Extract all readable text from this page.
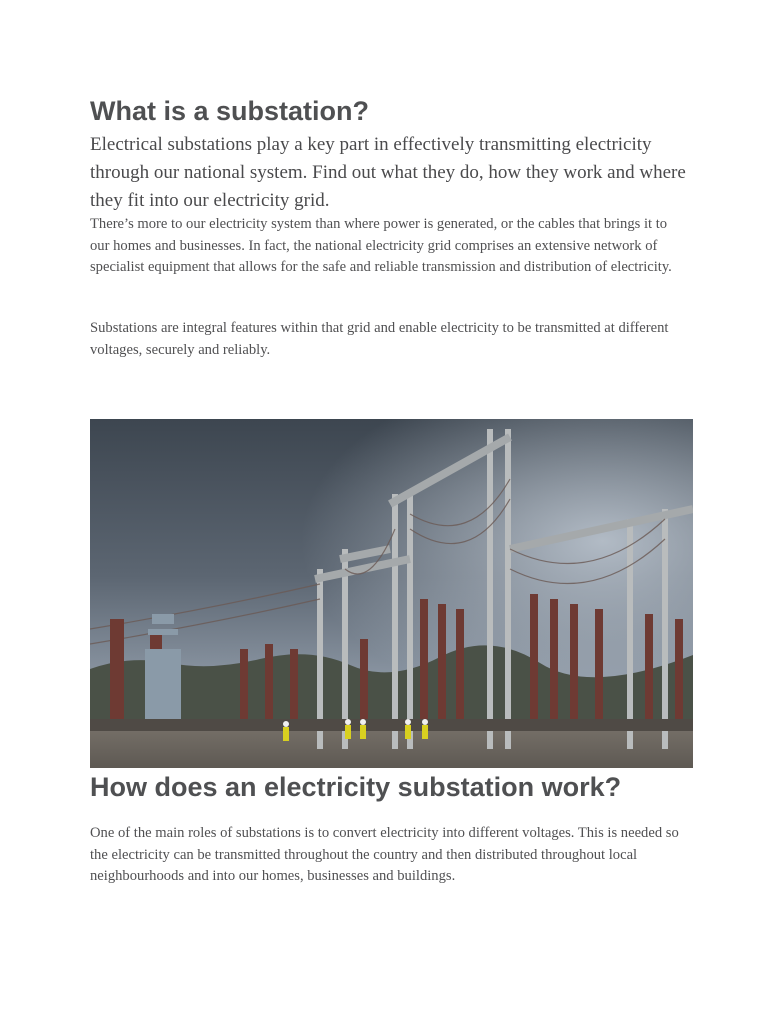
What is a substation?

Electrical substations play a key part in effectively transmitting electricity through our national system. Find out what they do, how they work and where they fit into our electricity grid.

There’s more to our electricity system than where power is generated, or the cables that brings it to our homes and businesses. In fact, the national electricity grid comprises an extensive network of specialist equipment that allows for the safe and reliable transmission and distribution of electricity.

Substations are integral features within that grid and enable electricity to be transmitted at different voltages, securely and reliably.

How does an electricity substation work?

One of the main roles of substations is to convert electricity into different voltages. This is needed so the electricity can be transmitted throughout the country and then distributed throughout local neighbourhoods and into our homes, businesses and buildings.
